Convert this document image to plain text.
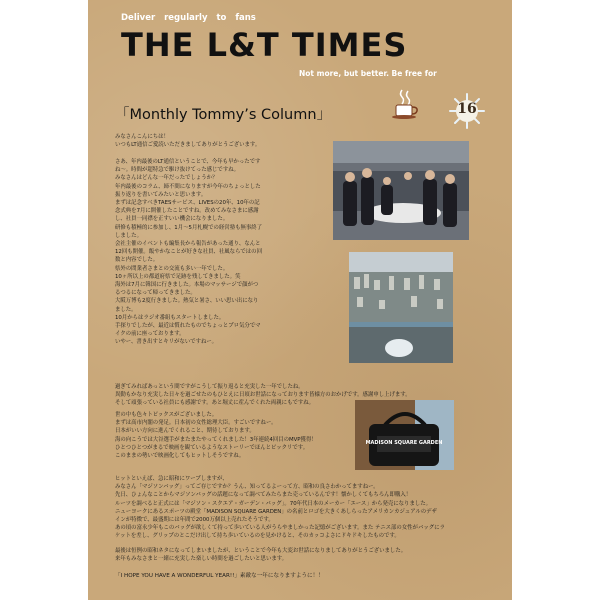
Deliver regularly to fans
THE L&T TIMES
Not more, but better. Be free for
「Monthly Tommy’s Column」	16

みなさんこんにちは！
いつもLT通信ご愛読いただきましてありがとうございます。

さあ、年内最後のLT通信ということで、今年も早かったです
ね～。時間が超特急で駆け抜けてった感じですね。
みなさんはどんな一年だったでしょうか？
年内最後のコラム、締不間になりますが今年のちょっとした
振り返りを書いてみたいと思います。
まずは記念すべきTAESサービス、LIVESの20年、10年の記
念式典を7月に開催したことですね。改めてみなさまに感謝
し、社員一同襟を正すいい機会になりました。
研修も積極的に参加し、1月～5月札幌での経営塾も無事終了
しました。
会社主催のイベントも編集長から報告があった通り、なんと
12回も開催。飯やかなことが好きな社員、社風ならではの回
数と内容でした。
県外の問業者さまとの交流も多い一年でした。
10ヶ所以上の都道府県で足跡を残してきました。笑
海外は7月に韓国に行きました。本場のマッサージで顔がつ
るつるになって帰ってきました。
大阪万博も2度行きました。熱気と暑さ、いい思い出になり
ました。
10月からはラジオ番組もスタートしました。
手探りでしたが、最近は慣れたものでちょっとプロ気分でマ
イクの前に座っております。
いやー、書き出すとキリがないですねー。

過ぎてみればあっという間ですがこうして振り返ると充実した一年でしたね。
異動もかなり充実した日々を過ごせたのもひとえに日頃お世話になっております皆様方のおかげです。感謝申し上げます。
そして頑張っている社員にも感謝です。あと堀丈に産んでくれた両親にもですね。

世の中も色々トピックスがございました。
まずは高市内閣の発足。日本初の女性総理大臣。すごいですねー。
日本がいい方向に進んでくれること、期待しております。
海の向こうでは大谷選手がまたまたやってくれました！3年連続4回目のMVP獲得！
ひとつひとつがまるで映画を観ているようなストーリーでほんとビックリです。
このままの勢いで映画化してもヒットしそうですね。

MADISON SQUARE GARDEN

ヒットといえば、急に昭和にワープしますが、
みなさん「マジソンバッグ」ってご存じですか？うん、知ってるよーって方、昭和の良さわかってますねー。
先日、ひょんなことからマジソンバッグの話題になって調べてみたらまた売っているんです！懐かしくてもちろん即購入！
ルーツを調べると正式には「マジソン・スクエア・ガーデン・バッグ」。70年代日本のメーカー「エース」から発売になりました。
ニューヨークにあるスポーツの殿堂「MADISON SQUARE GARDEN」の名前とロゴを大きくあしらったアメリカンカジュアルのデザ
インが特徴で、最盛期には年間で2000万個以上売れたそうです。
あの頃の富永少年もこのバッグが欲しくて持って歩いている人がうらやましかった記憶がございます。また テニス部の女性がバッグにラ
ケットを差し、グリップのとこだけ出して持ち歩いているのを見かけると、そのカッコよさにドキドキしたものです。

最後は恒例の昭和ネタになってしまいましたが、ということで今年も大変お世話になりましてありがとうございました。
来年もみなさまと一緒に充実した楽しい時間を過ごしたいと思います。

「I HOPE YOU HAVE A WONDERFUL YEAR!!」素敵な一年になりますように！！
